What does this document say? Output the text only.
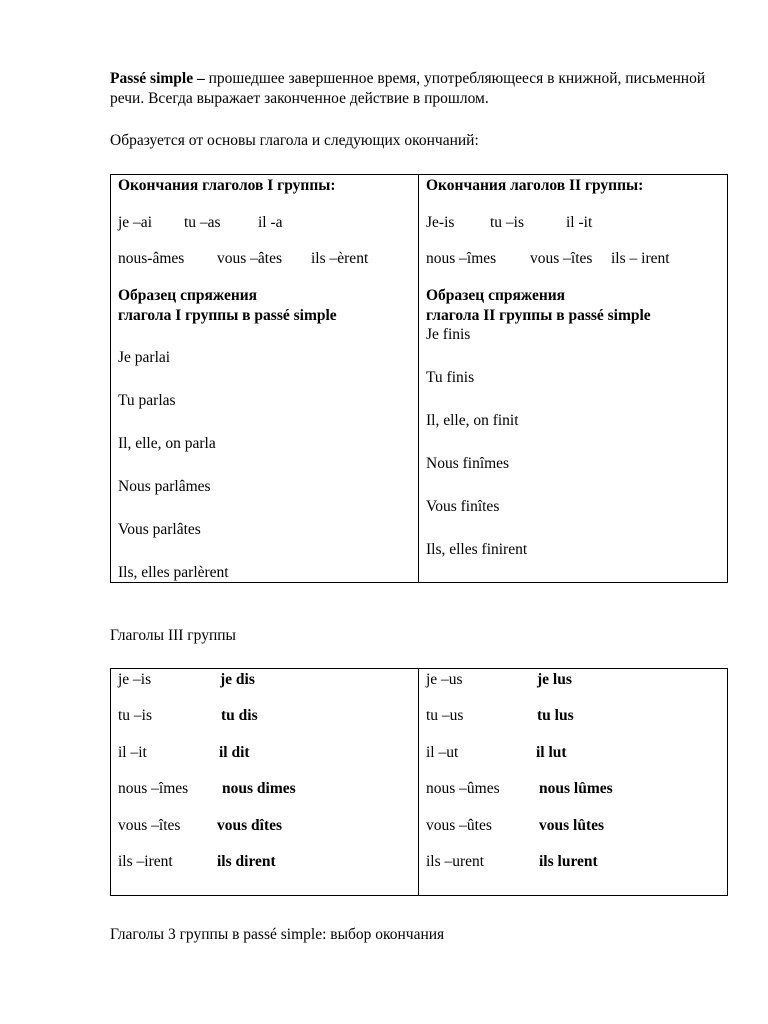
Passé simple – прошедшее завершенное время, употребляющееся в книжной, письменной речи. Всегда выражает законченное действие в прошлом.
Образуется от основы глагола и следующих окончаний:
Окончания глаголов I группы:
je –ai tu –as il -a
nous-âmes vous –âtes ils –èrent
Образец спряжения
глагола I группы в passé simple
Je parlai
Tu parlas
Il, elle, on parla
Nous parlâmes
Vous parlâtes
Ils, elles parlèrent
Окончания лаголов II группы:
Je-is tu –is	il -it
nous –îmes vous –îtes ils – irent
Образец спряжения
глагола II группы в passé simple
Je finis
Tu finis
Il, elle, on finit
Nous finîmes
Vous finîtes
Ils, elles finirent
Глаголы III группы
je –is	je dis
tu –is	tu dis
il –it	il dit
nous –îmes nous dimes
vous –îtes vous dîtes
ils –irent	ils dirent
je –us	je lus
tu –us	tu lus
il –ut	il lut
nous –ûmes	nous lûmes
vous –ûtes	vous lûtes
ils –urent	ils lurent
Глаголы 3 группы в passé simple: выбор окончания
